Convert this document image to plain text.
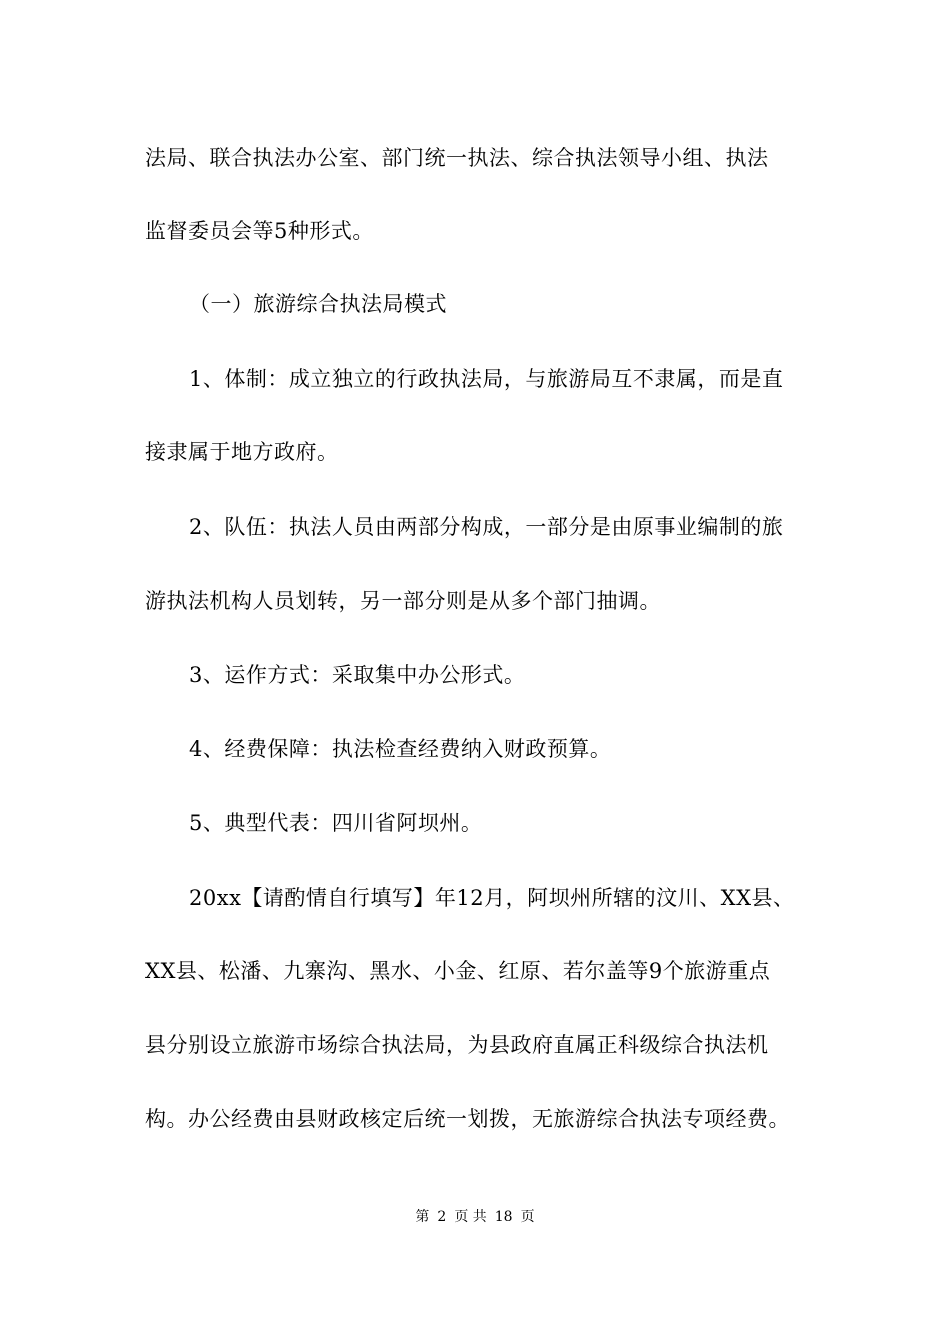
法局、联合执法办公室、部门统一执法、综合执法领导小组、执法
监督委员会等5种形式。
（一）旅游综合执法局模式
1、体制：成立独立的行政执法局，与旅游局互不隶属，而是直
接隶属于地方政府。
2、队伍：执法人员由两部分构成，一部分是由原事业编制的旅
游执法机构人员划转，另一部分则是从多个部门抽调。
3、运作方式：采取集中办公形式。
4、经费保障：执法检查经费纳入财政预算。
5、典型代表：四川省阿坝州。
20xx【请酌情自行填写】年12月，阿坝州所辖的汶川、XX县、
XX县、松潘、九寨沟、黑水、小金、红原、若尔盖等9个旅游重点
县分别设立旅游市场综合执法局，为县政府直属正科级综合执法机
构。办公经费由县财政核定后统一划拨，无旅游综合执法专项经费。
第 2 页 共 18 页
